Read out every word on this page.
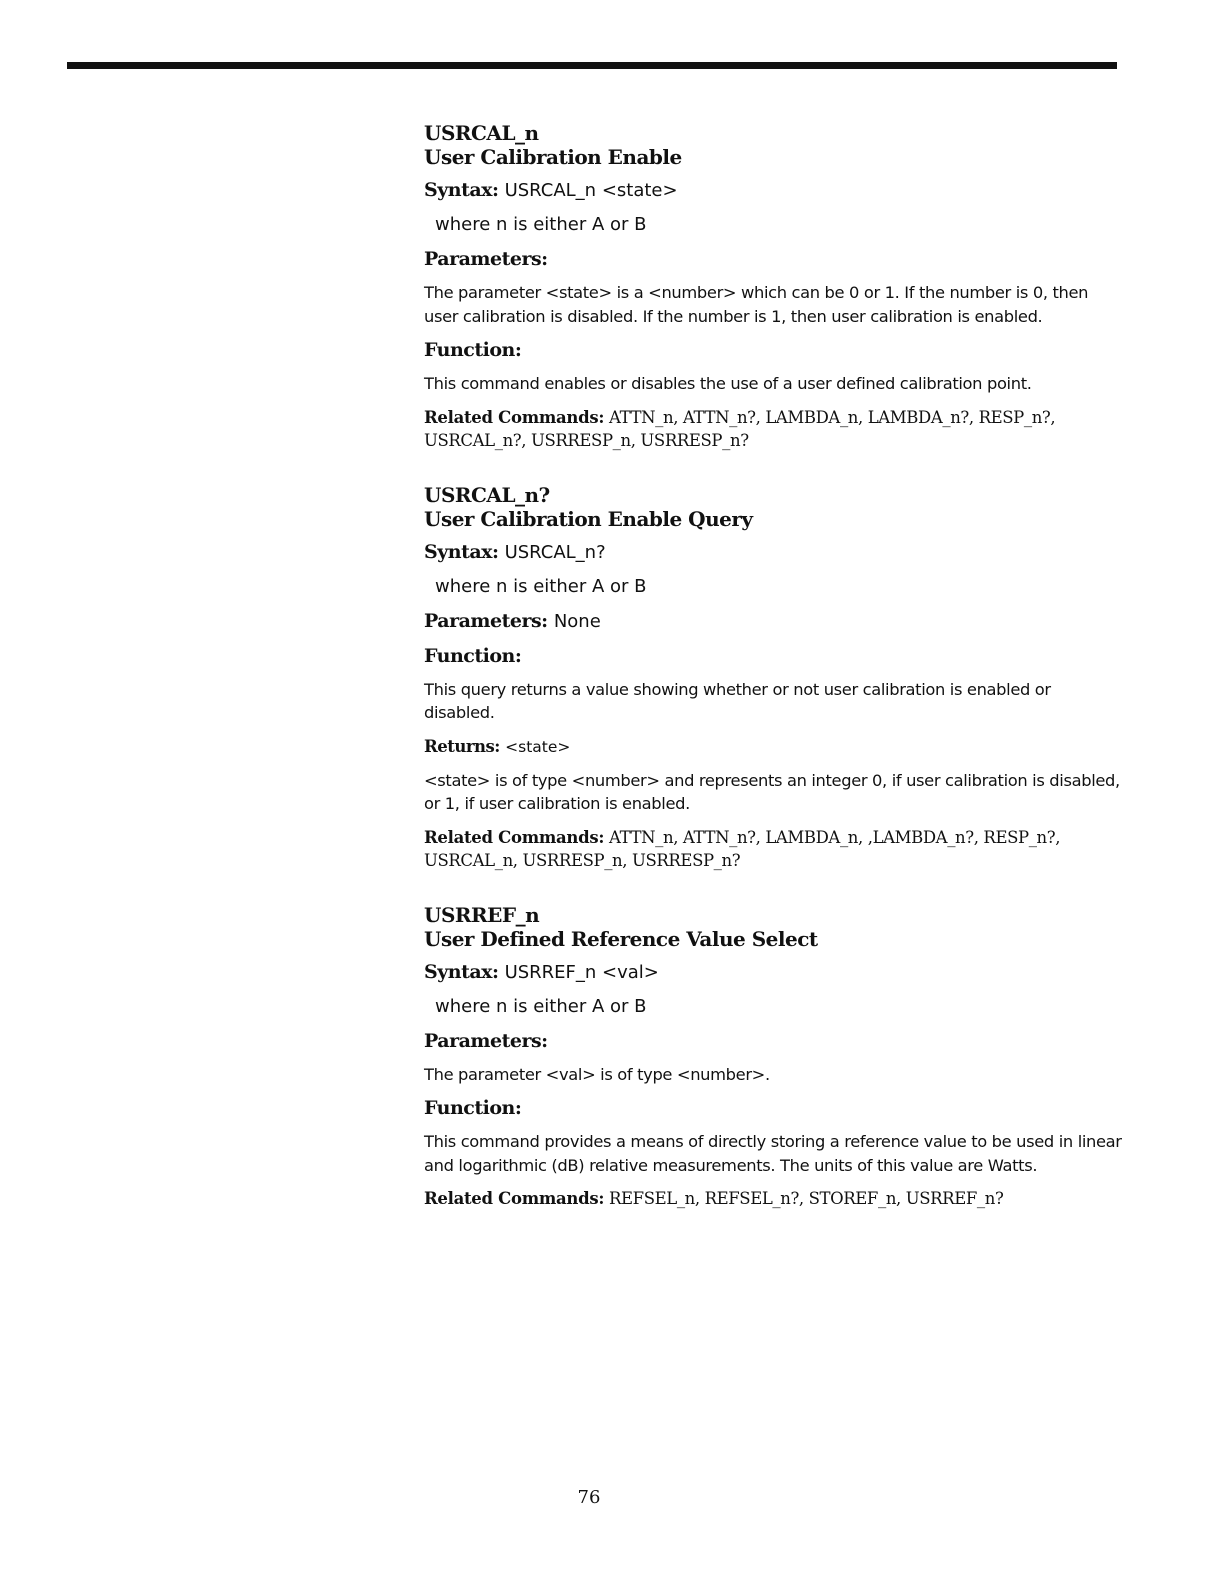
USRCAL_n
User Calibration Enable
Syntax: USRCAL_n <state>
where n is either A or B
Parameters:
The parameter <state> is a <number> which can be 0 or 1. If the number is 0, then user calibration is disabled. If the number is 1, then user calibration is enabled.
Function:
This command enables or disables the use of a user defined calibration point.
Related Commands: ATTN_n, ATTN_n?, LAMBDA_n, LAMBDA_n?, RESP_n?, USRCAL_n?, USRRESP_n, USRRESP_n?
USRCAL_n?
User Calibration Enable Query
Syntax: USRCAL_n?
where n is either A or B
Parameters: None
Function:
This query returns a value showing whether or not user calibration is enabled or disabled.
Returns: <state>
<state> is of type <number> and represents an integer 0, if user calibration is disabled, or 1, if user calibration is enabled.
Related Commands: ATTN_n, ATTN_n?, LAMBDA_n, ,LAMBDA_n?, RESP_n?, USRCAL_n, USRRESP_n, USRRESP_n?
USRREF_n
User Defined Reference Value Select
Syntax: USRREF_n <val>
where n is either A or B
Parameters:
The parameter <val> is of type <number>.
Function:
This command provides a means of directly storing a reference value to be used in linear and logarithmic (dB) relative measurements. The units of this value are Watts.
Related Commands: REFSEL_n, REFSEL_n?, STOREF_n, USRREF_n?
76
